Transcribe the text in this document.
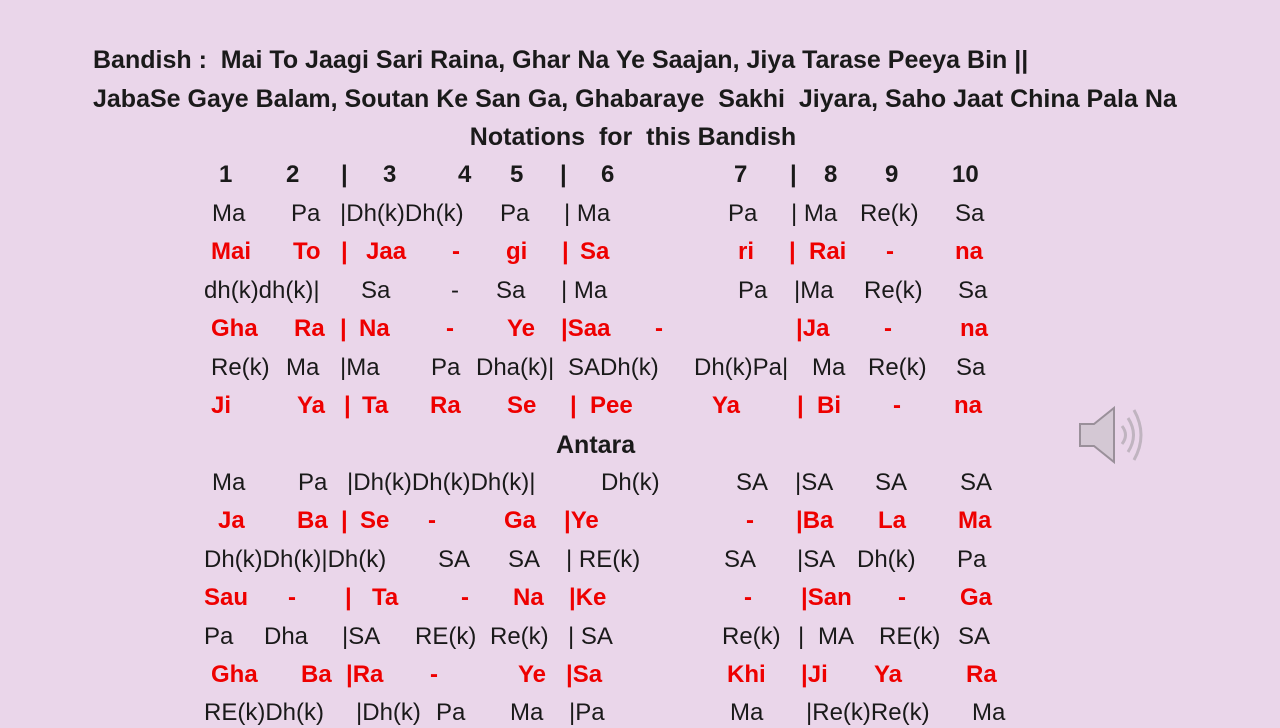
Bandish :  Mai To Jaagi Sari Raina, Ghar Na Ye Saajan, Jiya Tarase Peeya Bin ||
JabaSe Gaye Balam, Soutan Ke San Ga, Ghabaraye  Sakhi  Jiyara, Saho Jaat China Pala Na
Notations  for  this Bandish
1 2 | 3	4 5 | 6	7 | 8 9 10
Ma Pa |Dh(k)Dh(k) Pa | Ma	Pa | Ma Re(k) Sa
Mai To | Jaa - gi | Sa	ri | Rai -	na
dh(k)dh(k)| Sa	- Sa | Ma	Pa |Ma Re(k) Sa
Gha Ra | Na - Ye |Saa -	|Ja -	na
Re(k) Ma |Ma Pa Dha(k)| SADh(k) Dh(k)Pa| Ma Re(k) Sa
Ji	Ya | Ta Ra Se | Pee	Ya | Bi - na
Ma Pa |Dh(k)Dh(k)Dh(k)|	Dh(k)	SA |SA SA SA
Ja Ba | Se -	Ga |Ye	- |Ba La Ma
Dh(k)Dh(k)|Dh(k) SA SA | RE(k)	SA |SA Dh(k) Pa
Sau - | Ta	- Na |Ke	- |San - Ga
Pa Dha |SA RE(k) Re(k) | SA	Re(k) | MA RE(k) SA
Gha Ba |Ra -	Ye |Sa	Khi |Ji Ya	Ra
RE(k)Dh(k) |Dh(k) Pa Ma |Pa	Ma |Re(k)Re(k) Ma
Antara
